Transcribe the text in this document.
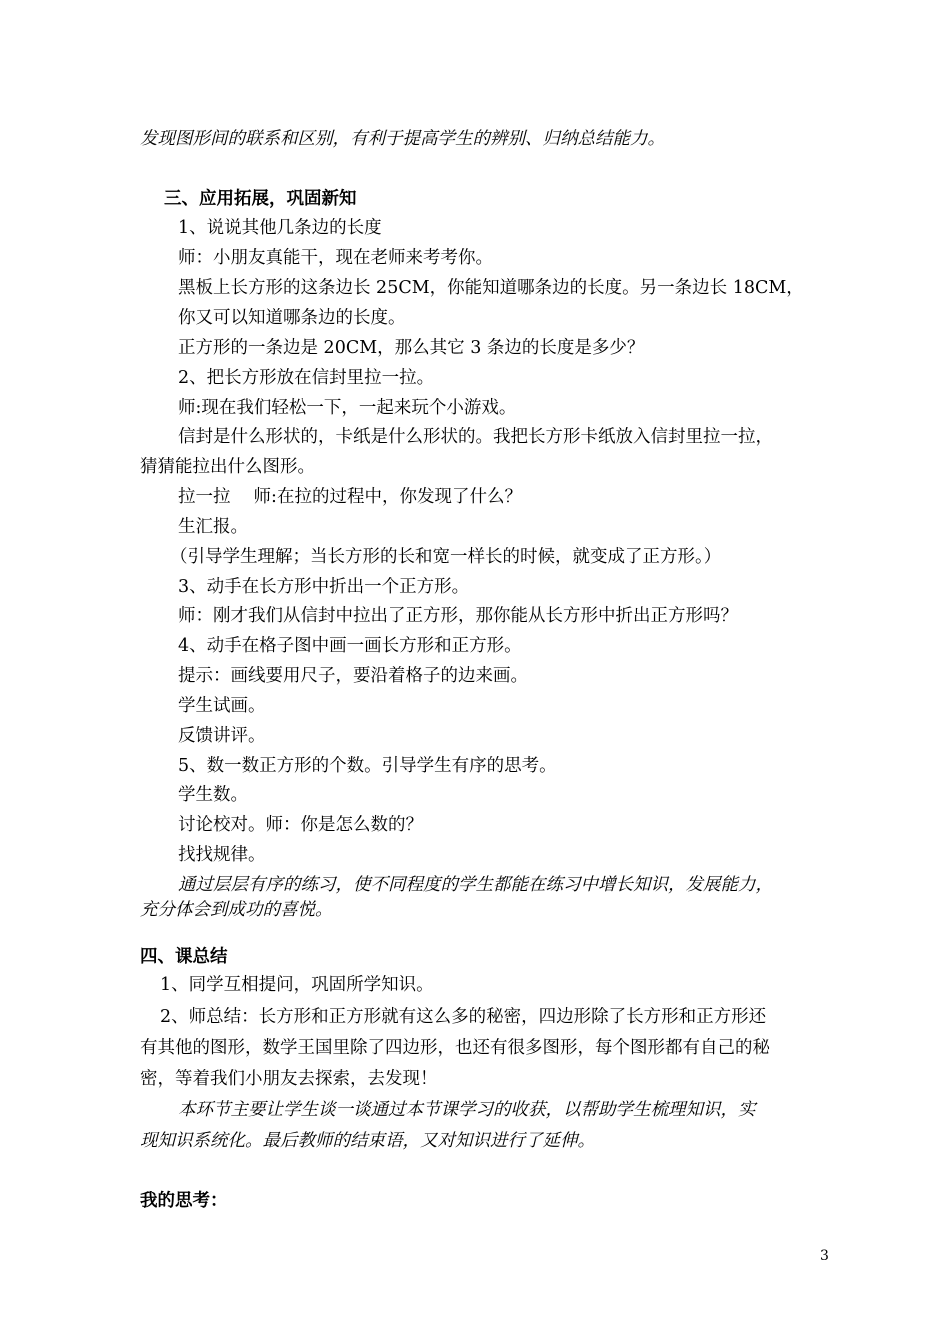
发现图形间的联系和区别，有利于提高学生的辨别、归纳总结能力。
三、应用拓展，巩固新知
1、说说其他几条边的长度
师：小朋友真能干，现在老师来考考你。
黑板上长方形的这条边长 25CM，你能知道哪条边的长度。另一条边长 18CM，
你又可以知道哪条边的长度。
正方形的一条边是 20CM，那么其它 3 条边的长度是多少？
2、把长方形放在信封里拉一拉。
师:现在我们轻松一下，一起来玩个小游戏。
信封是什么形状的，卡纸是什么形状的。我把长方形卡纸放入信封里拉一拉，
猜猜能拉出什么图形。
拉一拉　 师:在拉的过程中，你发现了什么？
生汇报。
（引导学生理解；当长方形的长和宽一样长的时候，就变成了正方形。）
3、动手在长方形中折出一个正方形。
师：刚才我们从信封中拉出了正方形，那你能从长方形中折出正方形吗？
4、动手在格子图中画一画长方形和正方形。
提示：画线要用尺子，要沿着格子的边来画。
学生试画。
反馈讲评。
5、数一数正方形的个数。引导学生有序的思考。
学生数。
讨论校对。师：你是怎么数的？
找找规律。
通过层层有序的练习，使不同程度的学生都能在练习中增长知识，发展能力，
充分体会到成功的喜悦。
四、课总结
1、同学互相提问，巩固所学知识。
2、师总结：长方形和正方形就有这么多的秘密，四边形除了长方形和正方形还
有其他的图形，数学王国里除了四边形，也还有很多图形，每个图形都有自己的秘
密，等着我们小朋友去探索，去发现！
本环节主要让学生谈一谈通过本节课学习的收获，以帮助学生梳理知识，实
现知识系统化。最后教师的结束语，又对知识进行了延伸。
我的思考：
3
